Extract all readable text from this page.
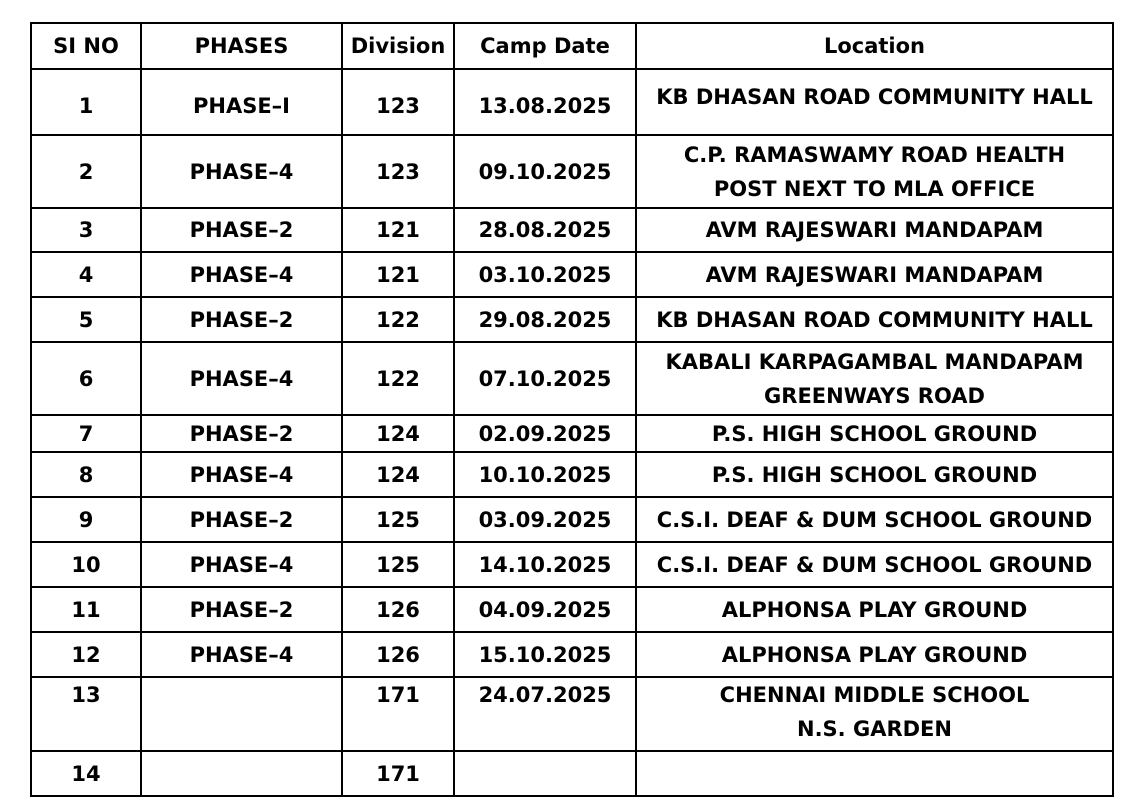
SI NO	PHASES	Division	Camp Date	Location
1	PHASE–I	123	13.08.2025	KB DHASAN ROAD COMMUNITY HALL

2	PHASE–4	123	09.10.2025	C.P. RAMASWAMY ROAD HEALTH
POST NEXT TO MLA OFFICE

3	PHASE–2	121	28.08.2025	AVM RAJESWARI MANDAPAM

4	PHASE–4	121	03.10.2025	AVM RAJESWARI MANDAPAM

5	PHASE–2	122	29.08.2025	KB DHASAN ROAD COMMUNITY HALL

6	PHASE–4	122	07.10.2025	KABALI KARPAGAMBAL MANDAPAM
GREENWAYS ROAD

7	PHASE–2	124	02.09.2025	P.S. HIGH SCHOOL GROUND

8	PHASE–4	124	10.10.2025	P.S. HIGH SCHOOL GROUND

9	PHASE–2	125	03.09.2025	C.S.I. DEAF & DUM SCHOOL GROUND

10	PHASE–4	125	14.10.2025	C.S.I. DEAF & DUM SCHOOL GROUND

11	PHASE–2	126	04.09.2025	ALPHONSA PLAY GROUND

12	PHASE–4	126	15.10.2025	ALPHONSA PLAY GROUND

13		171	24.07.2025	CHENNAI MIDDLE SCHOOL
N.S. GARDEN

14		171		
